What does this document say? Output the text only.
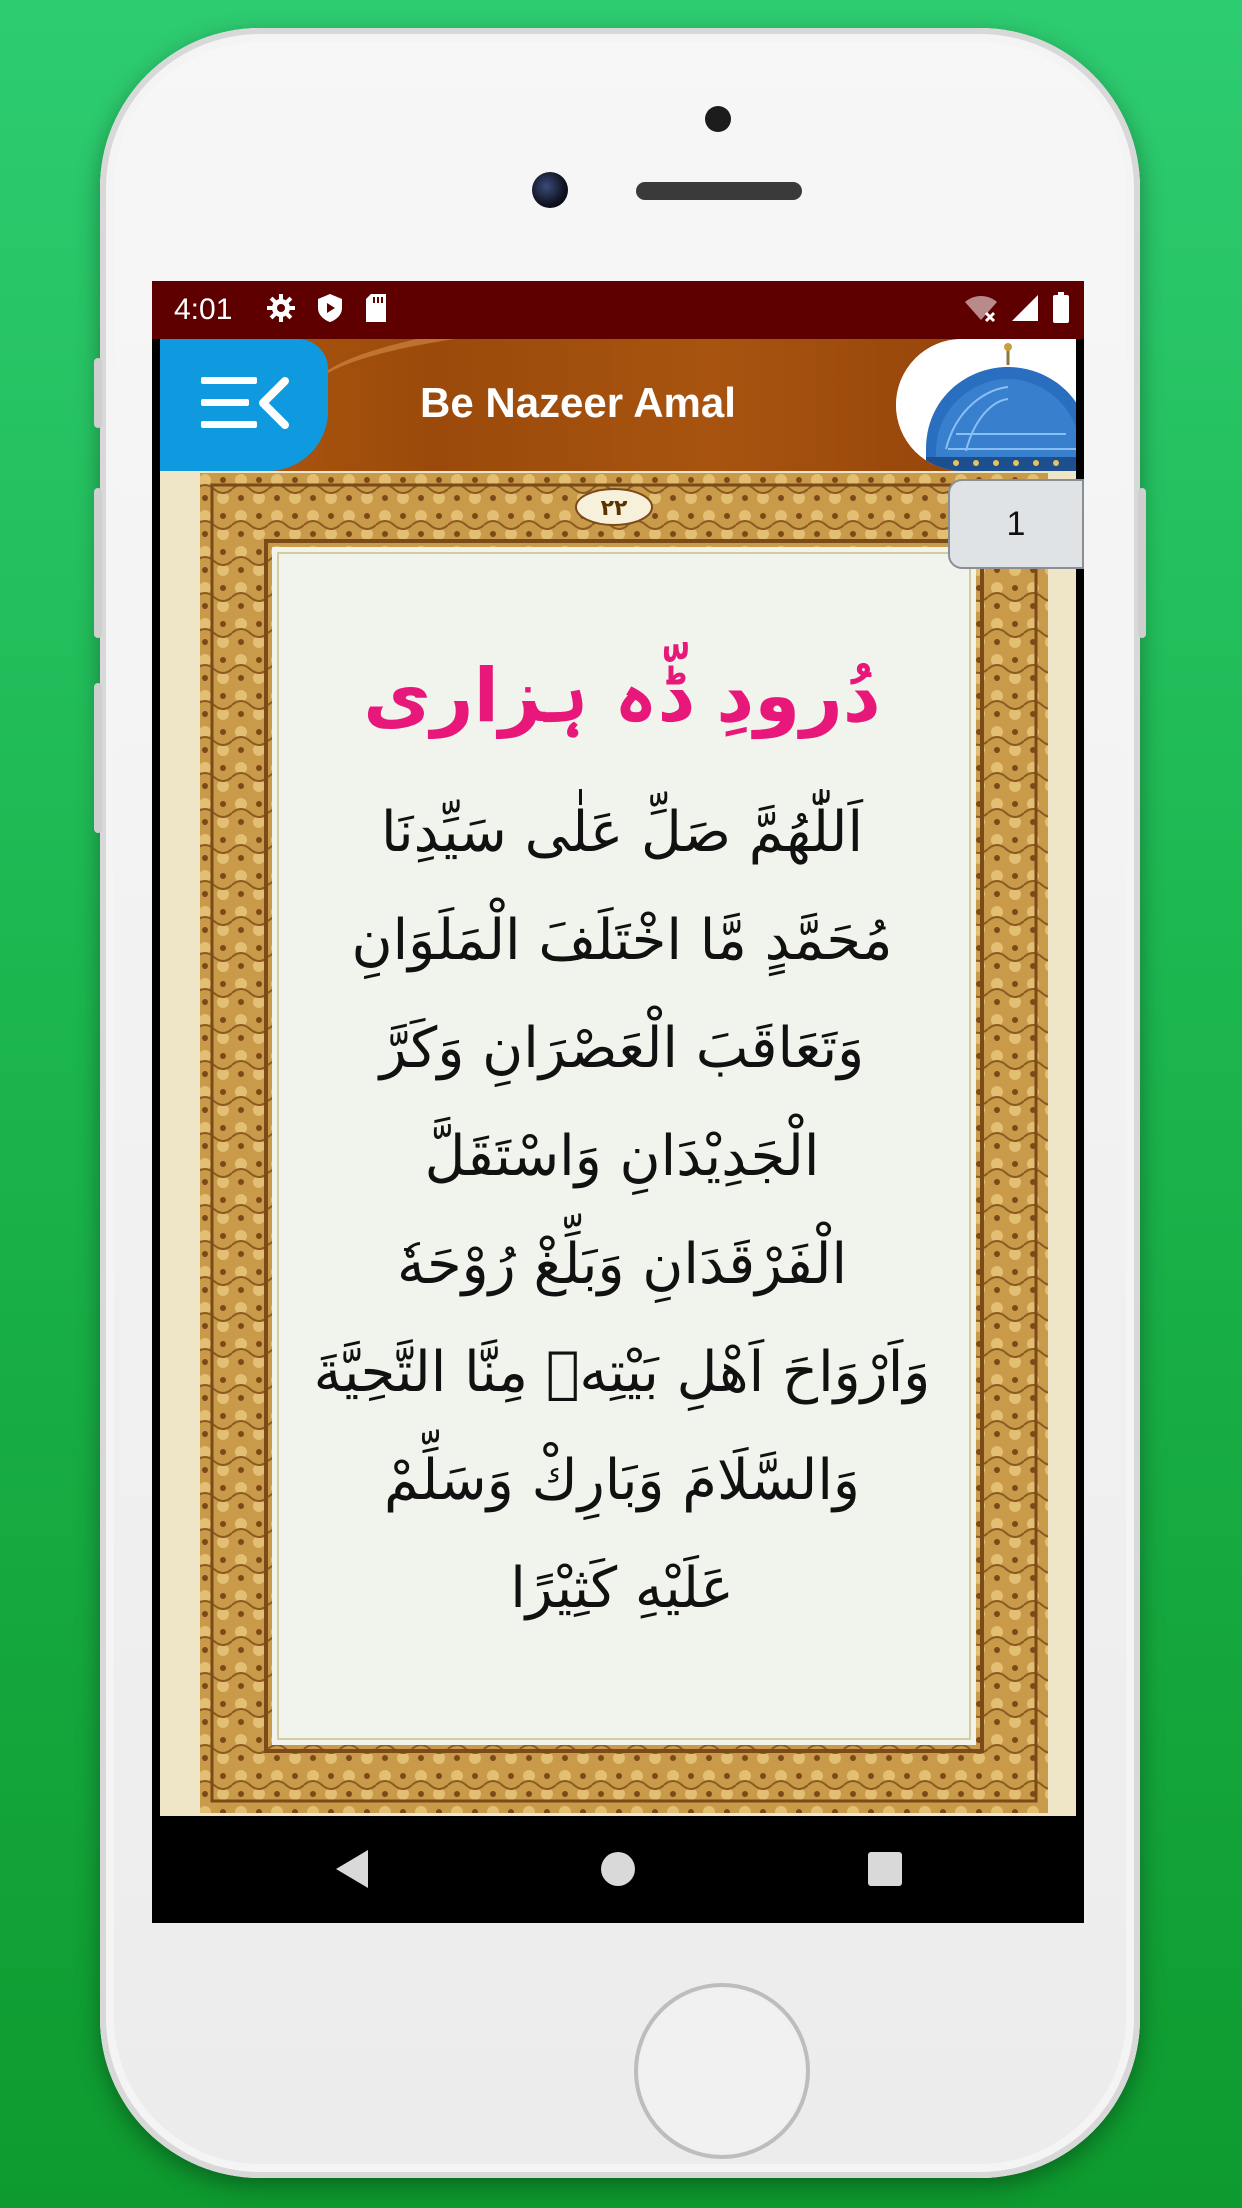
4:01
Be Nazeer Amal
۲۲
دُرودِ ڈّہ ہزاری
اَللّٰھُمَّ صَلِّ عَلٰی سَیِّدِنَا
مُحَمَّدٍ مَّا اخْتَلَفَ الْمَلَوَانِ
وَتَعَاقَبَ الْعَصْرَانِ وَكَرَّ
الْجَدِيْدَانِ وَاسْتَقَلَّ
الْفَرْقَدَانِ وَبَلِّغْ رُوْحَهٗ
وَاَرْوَاحَ اَهْلِ بَيْتِهٖ مِنَّا التَّحِيَّةَ
وَالسَّلَامَ وَبَارِكْ وَسَلِّمْ
عَلَيْهِ كَثِيْرًا
1
